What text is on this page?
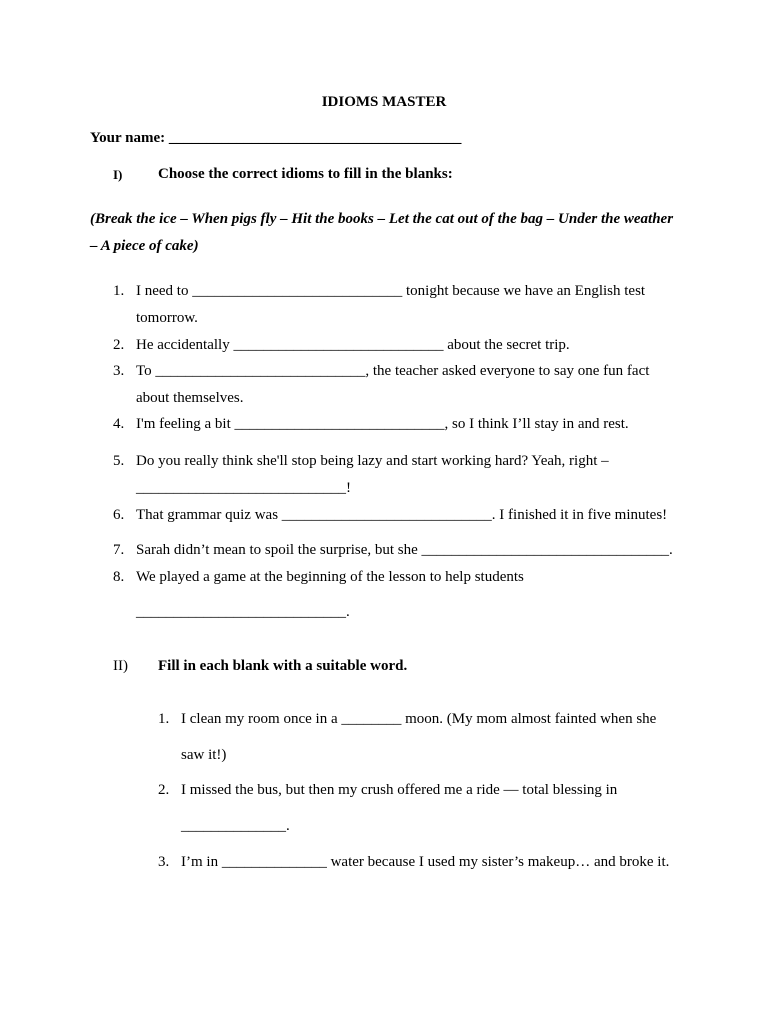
IDIOMS MASTER
Your name: _______________________________________
I) Choose the correct idioms to fill in the blanks:
(Break the ice – When pigs fly – Hit the books – Let the cat out of the bag – Under the weather
– A piece of cake)
1. I need to ____________________________ tonight because we have an English test
tomorrow.
2. He accidentally ____________________________ about the secret trip.
3. To ____________________________, the teacher asked everyone to say one fun fact
about themselves.
4. I'm feeling a bit ____________________________, so I think I’ll stay in and rest.
5. Do you really think she'll stop being lazy and start working hard? Yeah, right –
____________________________!
6. That grammar quiz was ____________________________. I finished it in five minutes!
7. Sarah didn’t mean to spoil the surprise, but she _________________________________.
8. We played a game at the beginning of the lesson to help students
____________________________.
II) Fill in each blank with a suitable word.
1. I clean my room once in a ________ moon. (My mom almost fainted when she
saw it!)
2. I missed the bus, but then my crush offered me a ride — total blessing in
______________.
3. I’m in ______________ water because I used my sister’s makeup… and broke it.
